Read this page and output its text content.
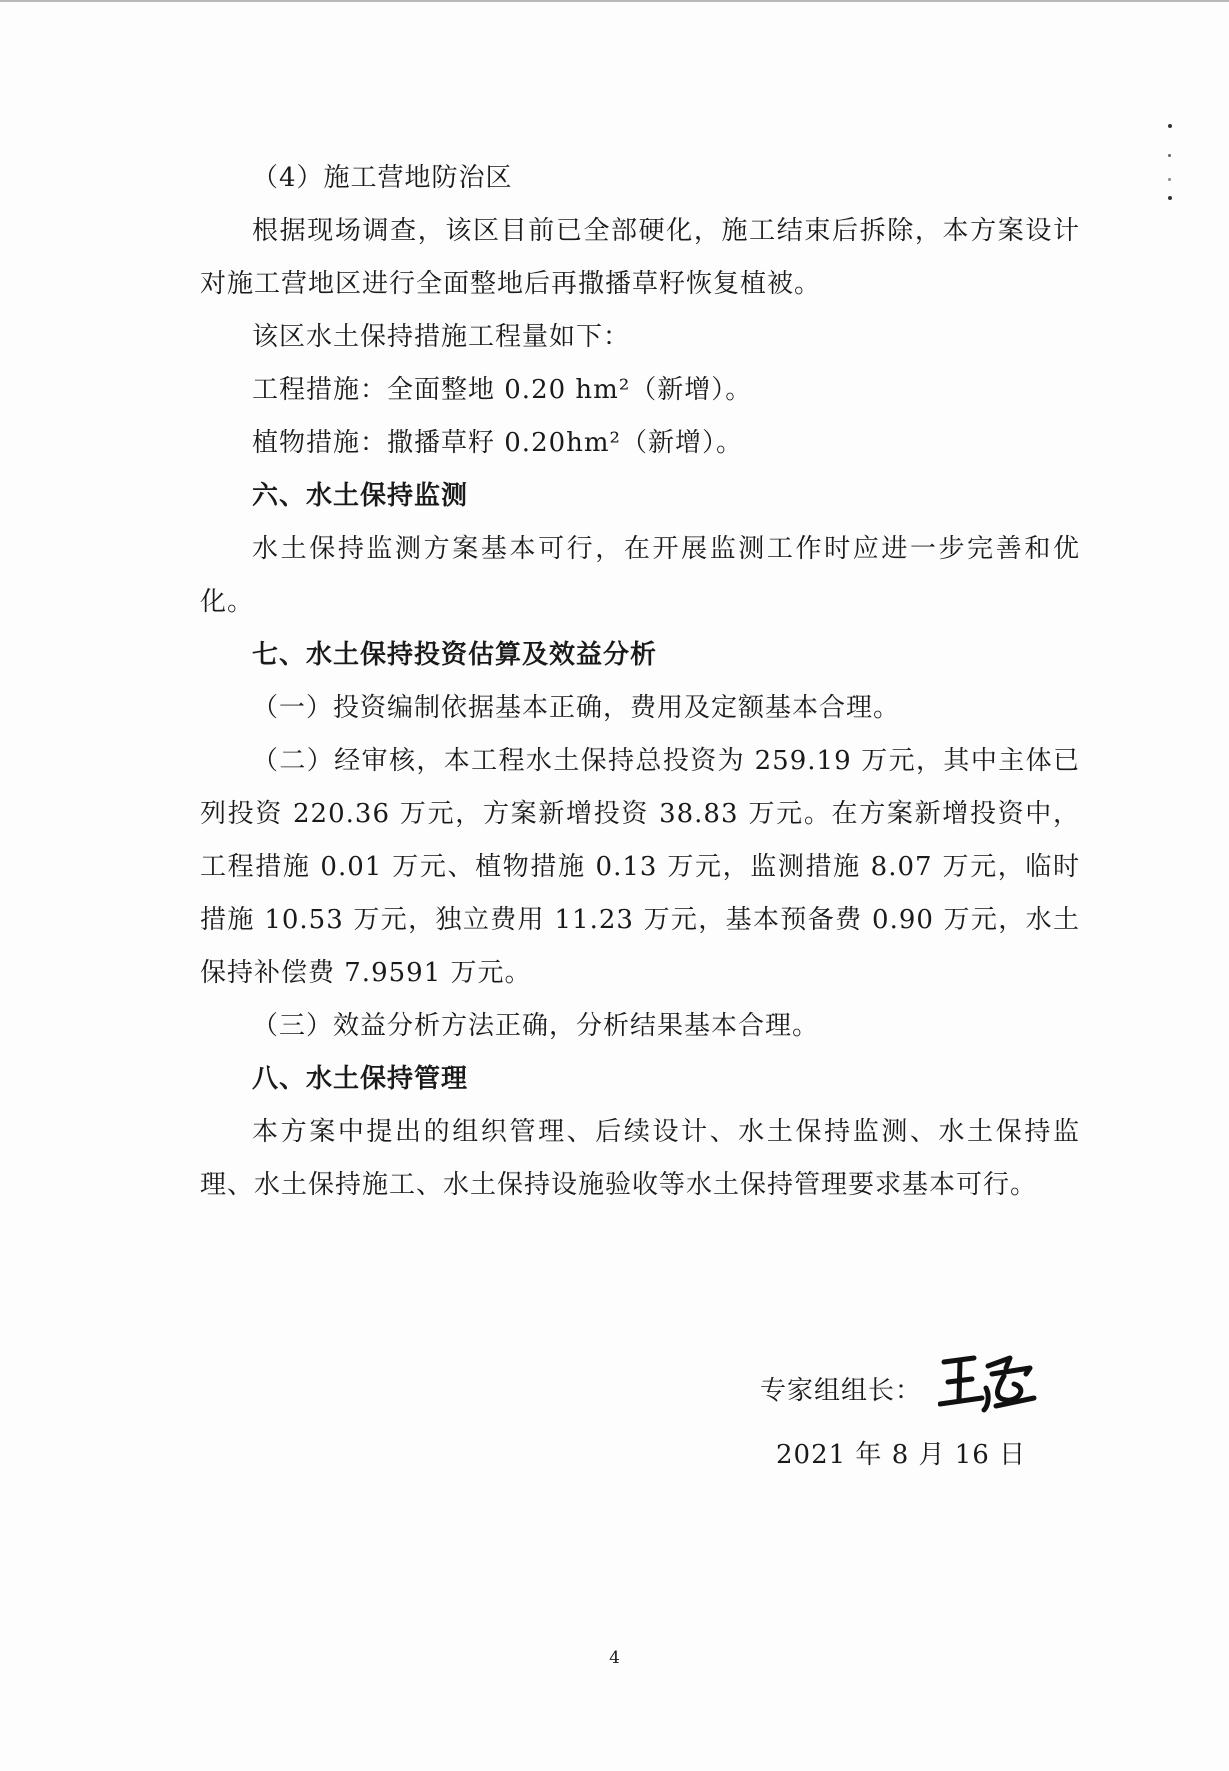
（4）施工营地防治区

根据现场调查，该区目前已全部硬化，施工结束后拆除，本方案设计对施工营地区进行全面整地后再撒播草籽恢复植被。

该区水土保持措施工程量如下：

工程措施：全面整地 0.20 hm²（新增）。

植物措施：撒播草籽 0.20hm²（新增）。

六、水土保持监测

水土保持监测方案基本可行，在开展监测工作时应进一步完善和优化。

七、水土保持投资估算及效益分析

（一）投资编制依据基本正确，费用及定额基本合理。

（二）经审核，本工程水土保持总投资为 259.19 万元，其中主体已列投资 220.36 万元，方案新增投资 38.83 万元。在方案新增投资中，工程措施 0.01 万元、植物措施 0.13 万元，监测措施 8.07 万元，临时措施 10.53 万元，独立费用 11.23 万元，基本预备费 0.90 万元，水土保持补偿费 7.9591 万元。

（三）效益分析方法正确，分析结果基本合理。

八、水土保持管理

本方案中提出的组织管理、后续设计、水土保持监测、水土保持监理、水土保持施工、水土保持设施验收等水土保持管理要求基本可行。

专家组组长：
2021 年 8 月 16 日
4
